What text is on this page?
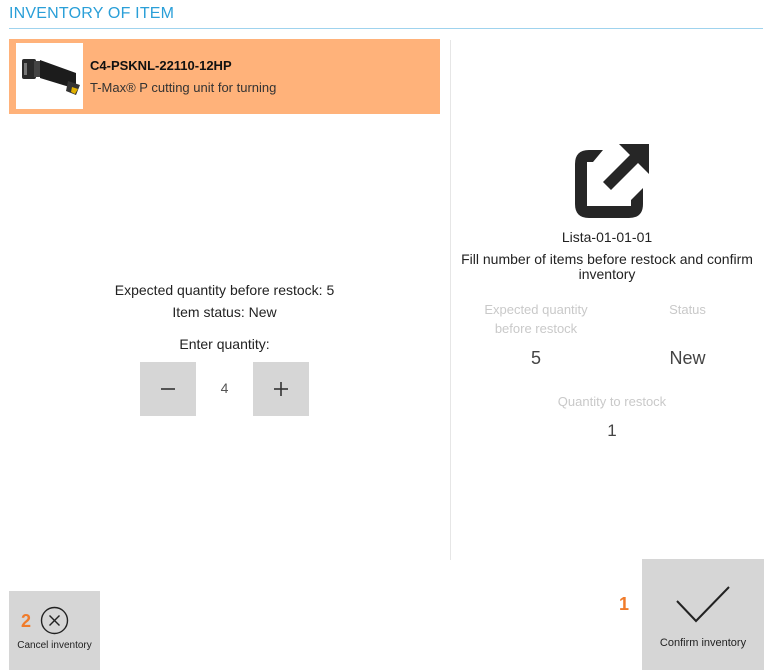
INVENTORY OF ITEM
C4-PSKNL-22110-12HP
T-Max® P cutting unit for turning
Expected quantity before restock: 5
Item status: New
Enter quantity:
4
Lista-01-01-01
Fill number of items before restock and confirm inventory
Expected quantity
before restock
Status
5	New
Quantity to restock
1
Cancel inventory
2
Confirm inventory
1
